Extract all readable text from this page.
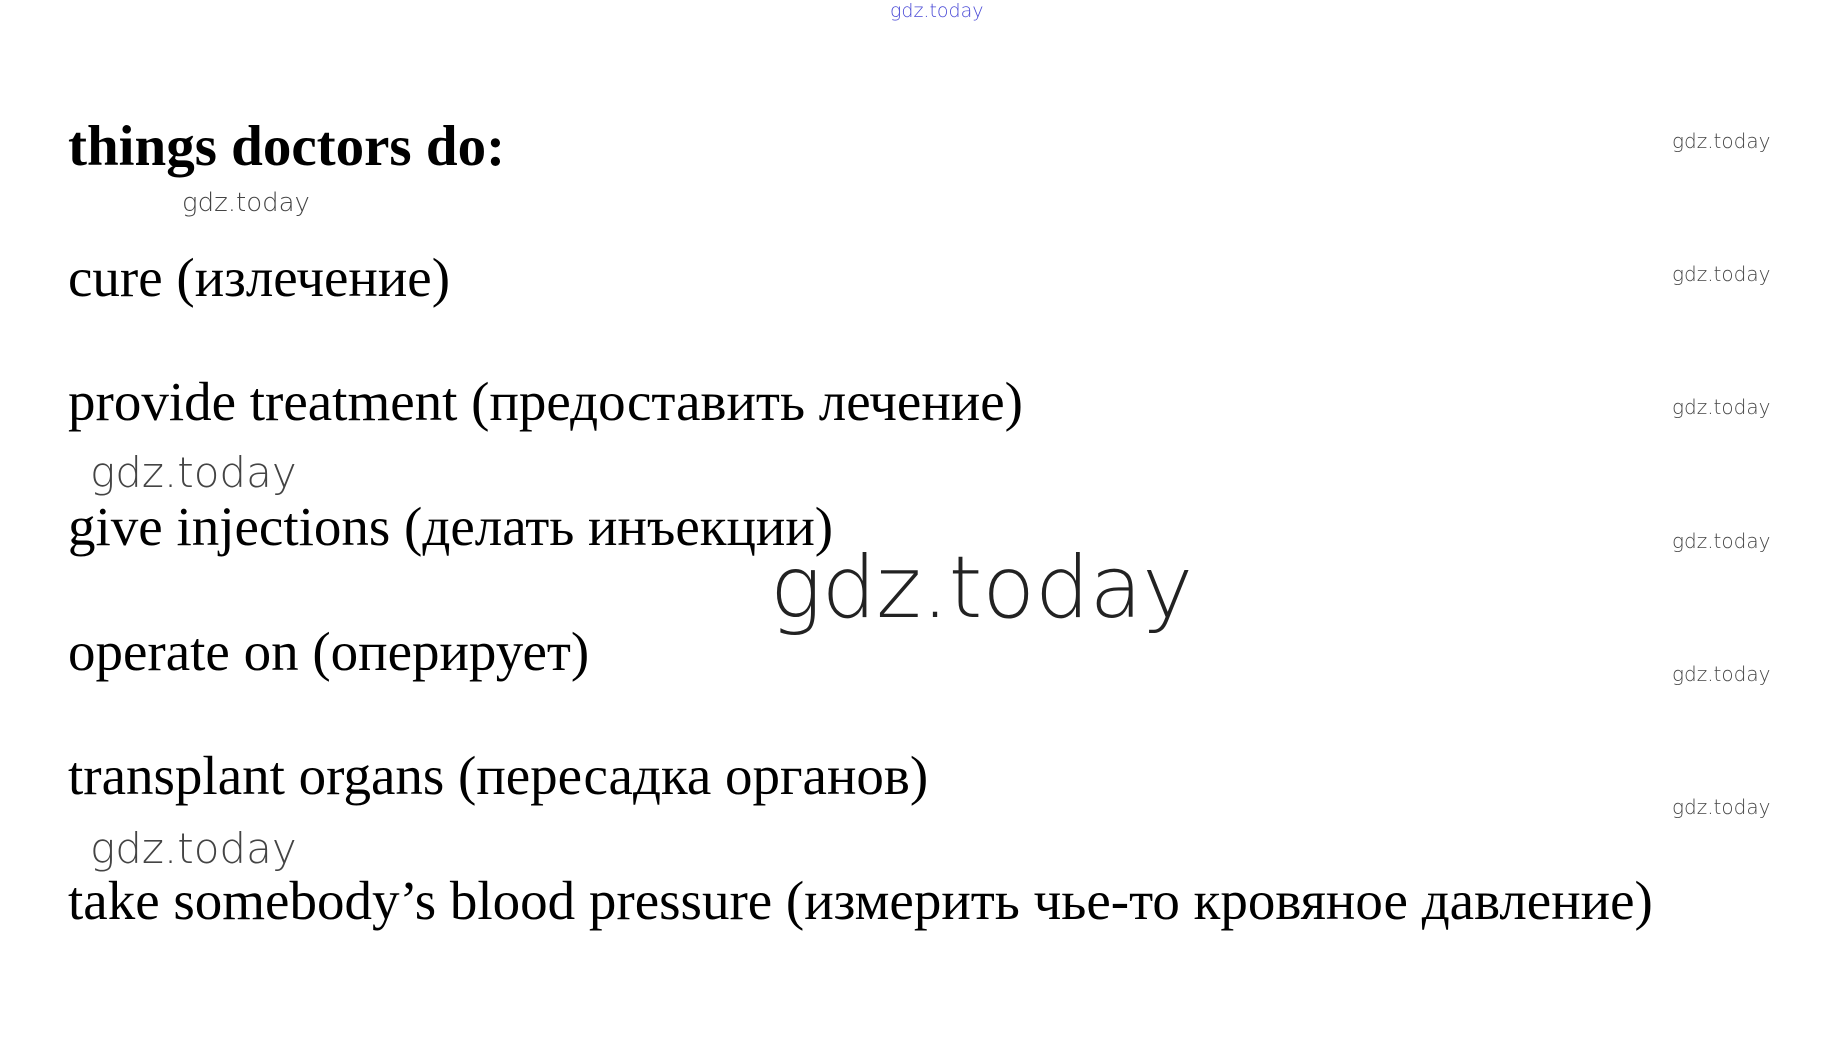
gdz.today
things doctors do:
gdz.today

cure (излечение)

provide treatment (предоставить лечение)

gdz.today

give injections (делать инъекции)

gdz.today

operate on (оперирует)

transplant organs (пересадка органов)

gdz.today

take somebody’s blood pressure (измерить чье-то кровяное давление)

gdz.today
gdz.today
gdz.today
gdz.today
gdz.today
gdz.today
